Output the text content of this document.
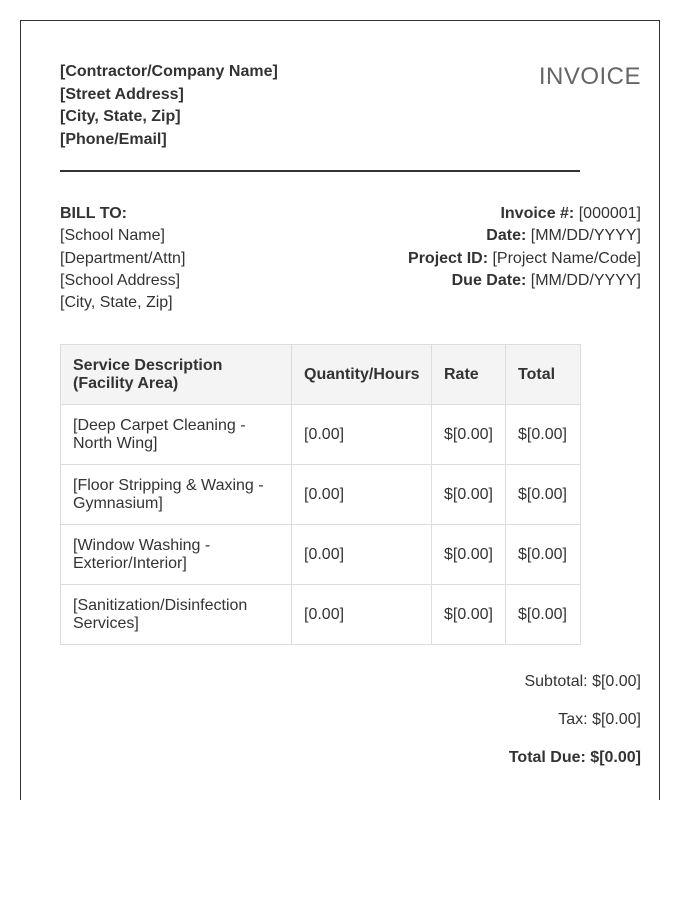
[Contractor/Company Name]
[Street Address]
[City, State, Zip]
[Phone/Email]
INVOICE
BILL TO:
[School Name]
[Department/Attn]
[School Address]
[City, State, Zip]
Invoice #: [000001]
Date: [MM/DD/YYYY]
Project ID: [Project Name/Code]
Due Date: [MM/DD/YYYY]
Service Description (Facility Area)	Quantity/Hours	Rate	Total
[Deep Carpet Cleaning - North Wing]	[0.00]	$[0.00]	$[0.00]
[Floor Stripping & Waxing - Gymnasium]	[0.00]	$[0.00]	$[0.00]
[Window Washing - Exterior/Interior]	[0.00]	$[0.00]	$[0.00]
[Sanitization/Disinfection Services]	[0.00]	$[0.00]	$[0.00]
Subtotal: $[0.00]
Tax: $[0.00]
Total Due: $[0.00]
